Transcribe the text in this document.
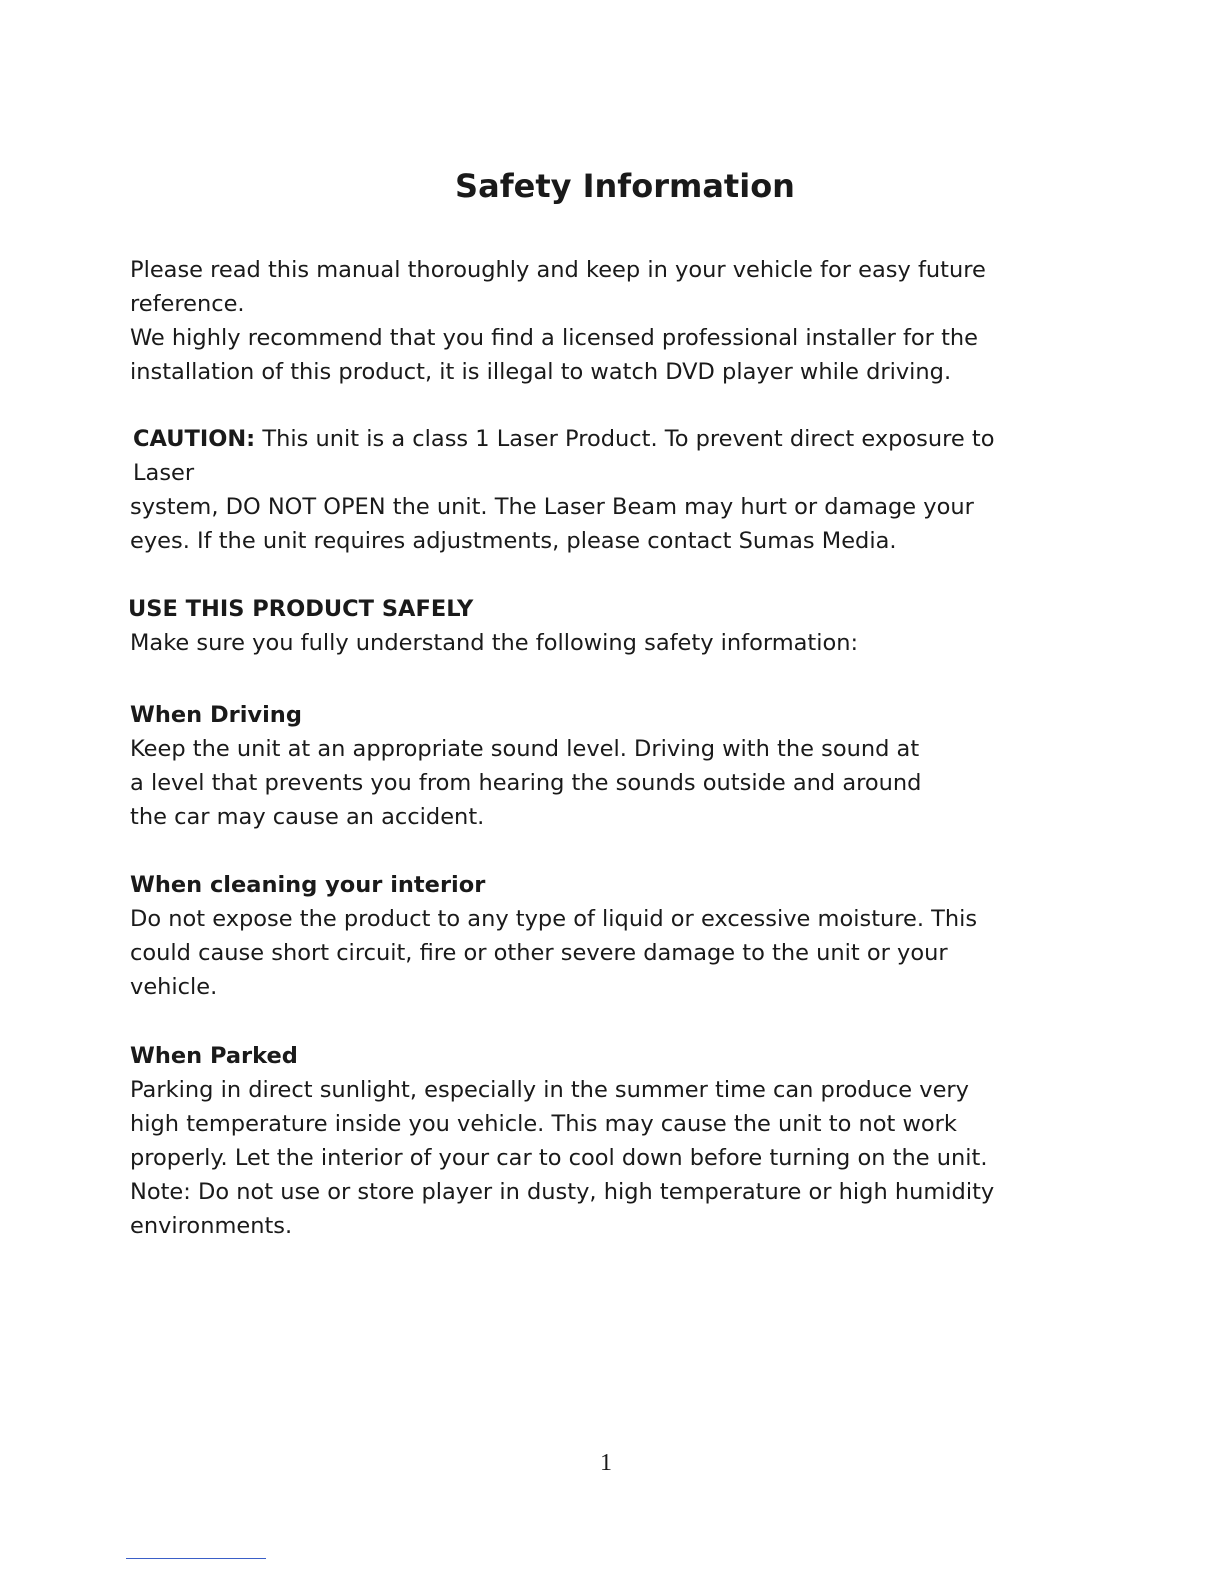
Safety Information

Please read this manual thoroughly and keep in your vehicle for easy future

reference.

We highly recommend that you find a licensed professional installer for the

installation of this product, it is illegal to watch DVD player while driving.

CAUTION: This unit is a class 1 Laser Product. To prevent direct exposure to

Laser

system, DO NOT OPEN the unit. The Laser Beam may hurt or damage your

eyes. If the unit requires adjustments, please contact Sumas Media.

USE THIS PRODUCT SAFELY

Make sure you fully understand the following safety information:

When Driving

Keep the unit at an appropriate sound level. Driving with the sound at

a level that prevents you from hearing the sounds outside and around

the car may cause an accident.

When cleaning your interior

Do not expose the product to any type of liquid or excessive moisture. This

could cause short circuit, fire or other severe damage to the unit or your

vehicle.

When Parked

Parking in direct sunlight, especially in the summer time can produce very

high temperature inside you vehicle. This may cause the unit to not work

properly. Let the interior of your car to cool down before turning on the unit.

Note: Do not use or store player in dusty, high temperature or high humidity

environments.

1
